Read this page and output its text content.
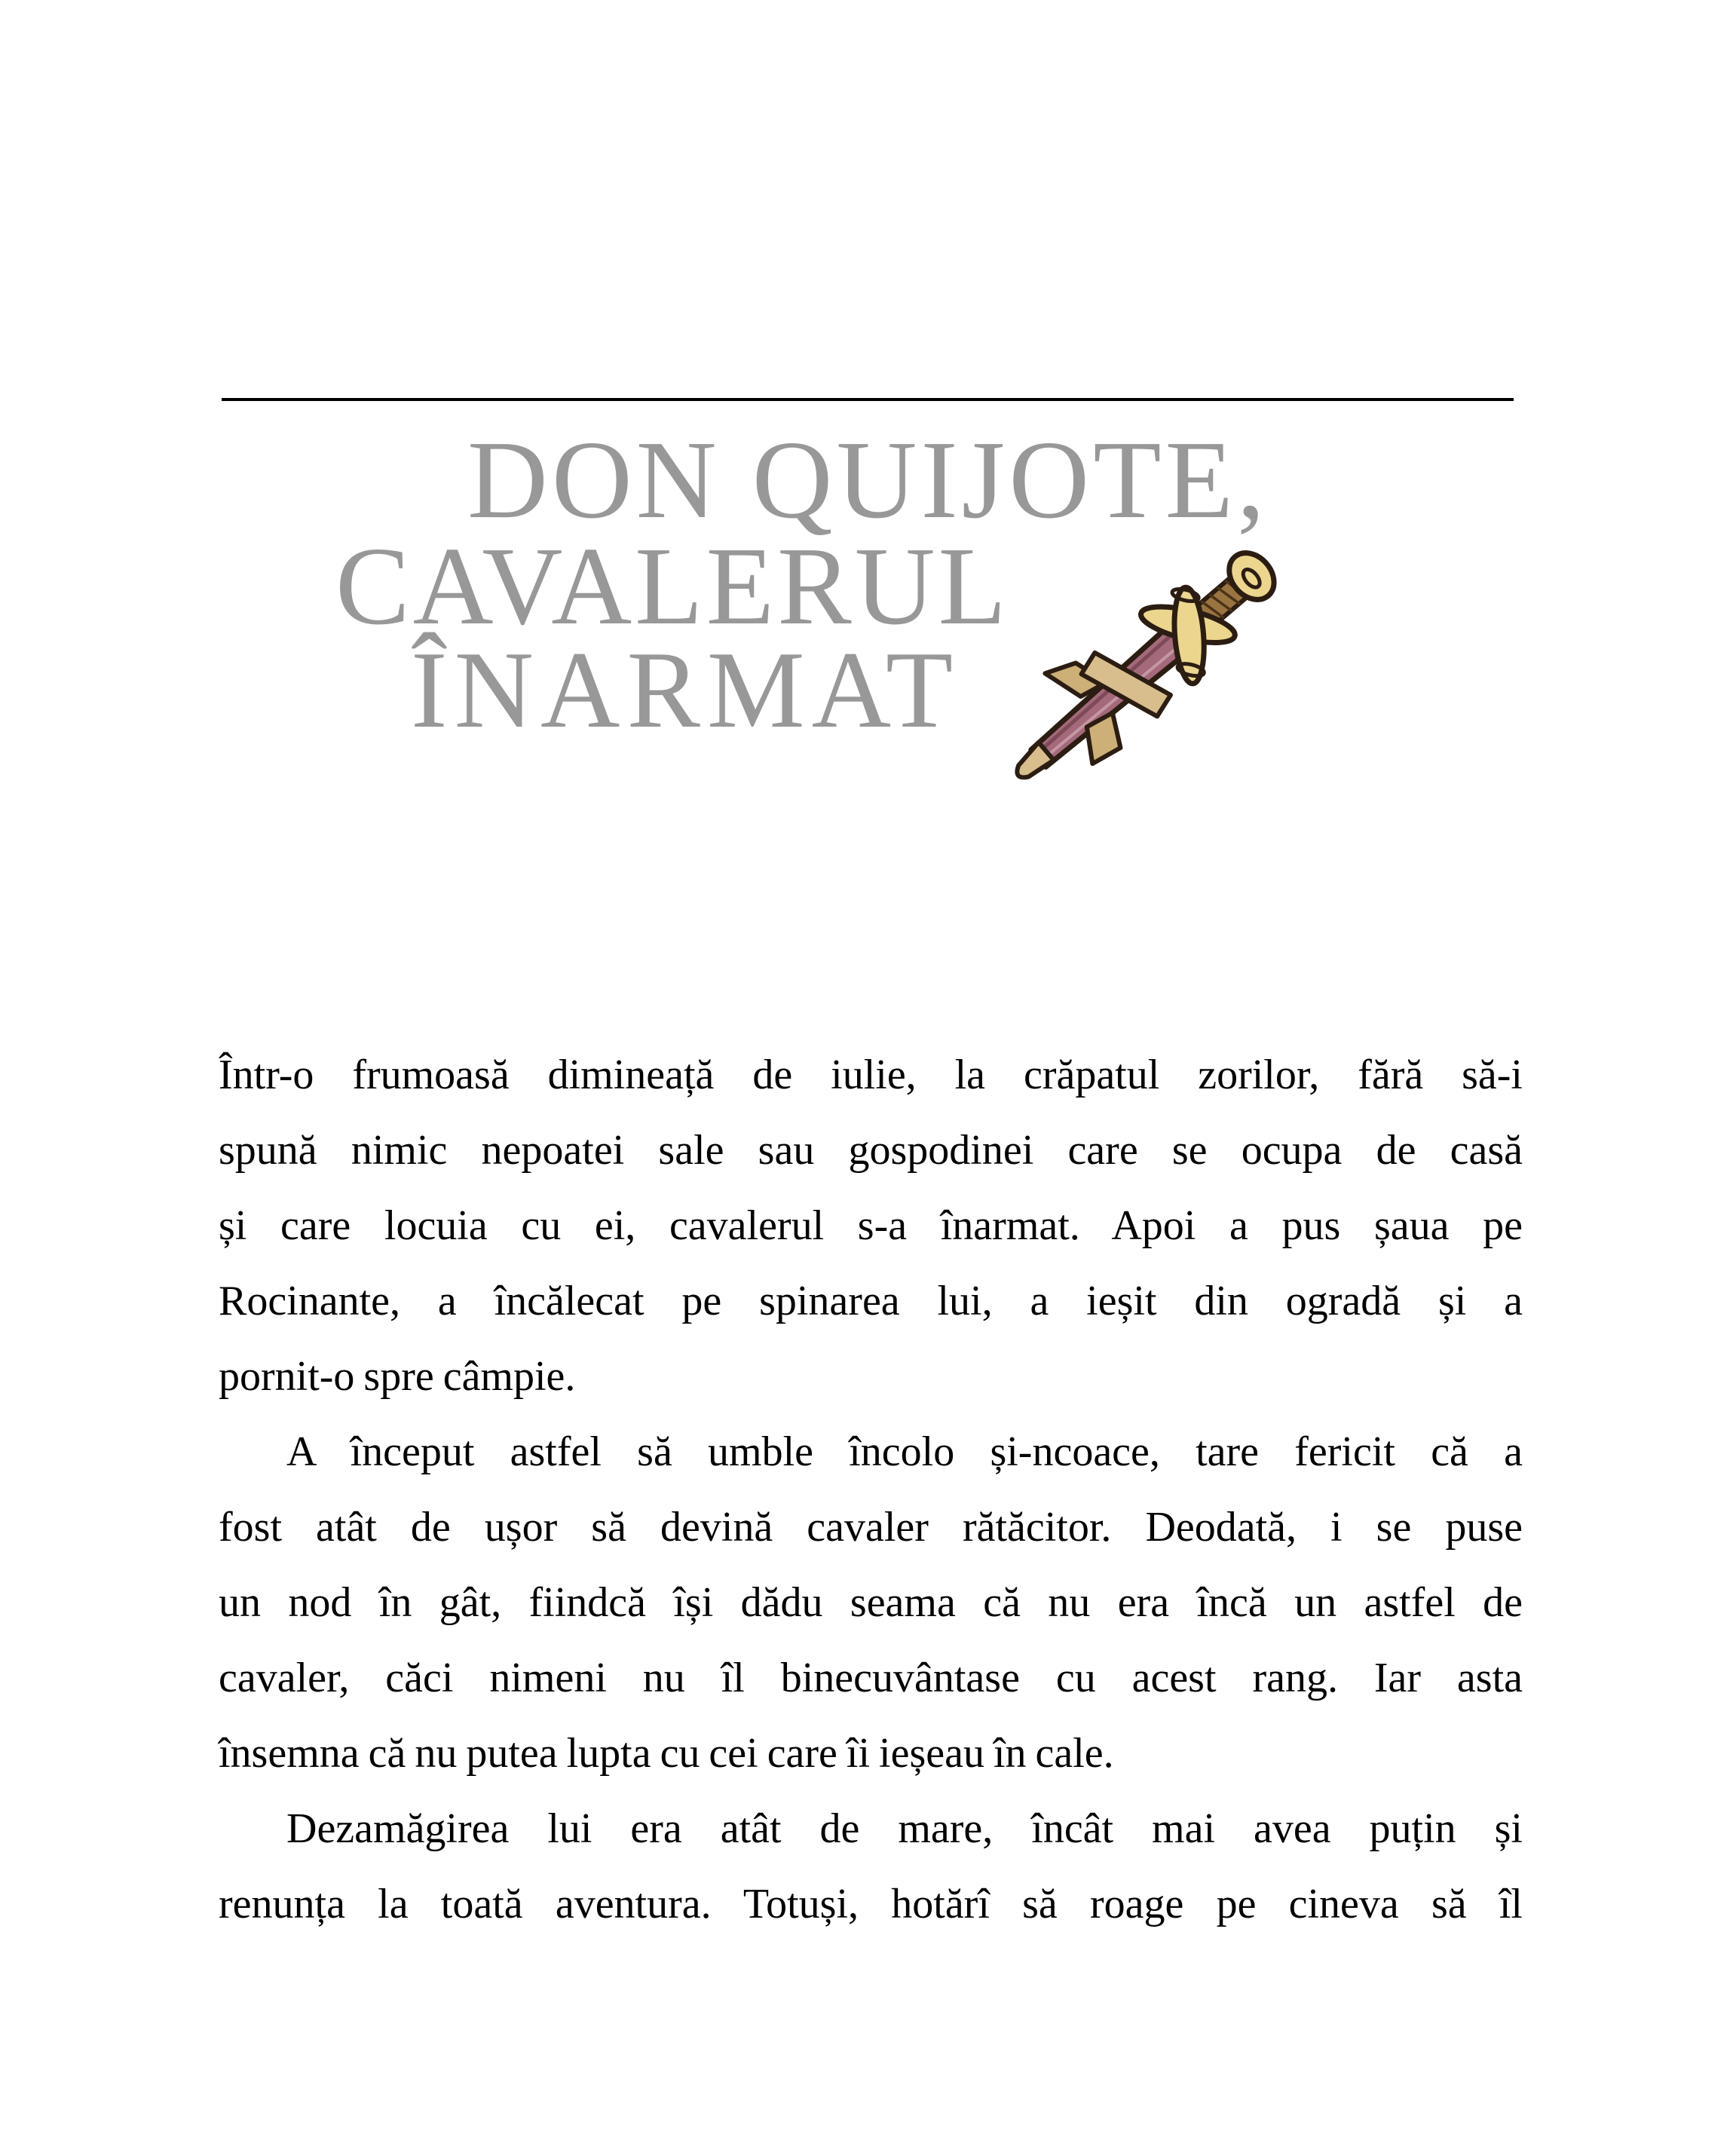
DON QUIJOTE,
CAVALERUL
ÎNARMAT
Într-o frumoasă dimineață de iulie, la crăpatul zorilor, fără să-i
spună nimic nepoatei sale sau gospodinei care se ocupa de casă
și care locuia cu ei, cavalerul s-a înarmat. Apoi a pus șaua pe
Rocinante, a încălecat pe spinarea lui, a ieșit din ogradă și a
pornit-o spre câmpie.
A început astfel să umble încolo și-ncoace, tare fericit că a
fost atât de ușor să devină cavaler rătăcitor. Deodată, i se puse
un nod în gât, fiindcă își dădu seama că nu era încă un astfel de
cavaler, căci nimeni nu îl binecuvântase cu acest rang. Iar asta
însemna că nu putea lupta cu cei care îi ieșeau în cale.
Dezamăgirea lui era atât de mare, încât mai avea puțin și
renunța la toată aventura. Totuși, hotărî să roage pe cineva să îl
